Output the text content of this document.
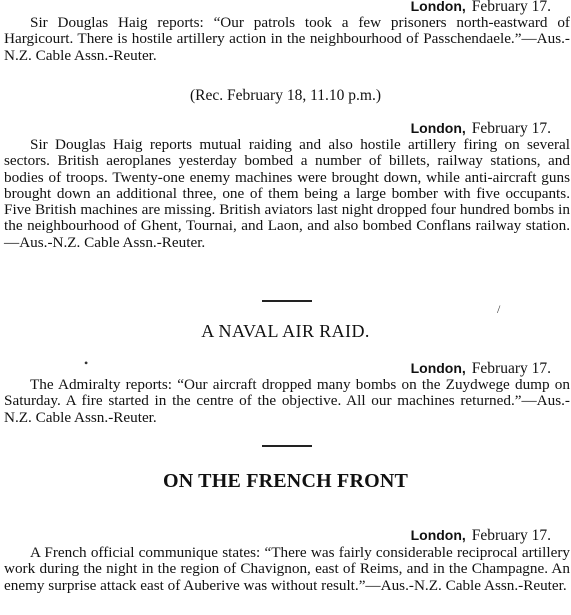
London, February 17.

Sir Douglas Haig reports: “Our patrols took a few prisoners north-eastward of Hargicourt. There is hostile artillery action in the neighbourhood of Passchendaele.”—Aus.-N.Z. Cable Assn.-Reuter.

(Rec. February 18, 11.10 p.m.)
London, February 17.

Sir Douglas Haig reports mutual raiding and also hostile artillery firing on several sectors. British aeroplanes yesterday bombed a number of billets, railway stations, and bodies of troops. Twenty-one enemy machines were brought down, while anti-aircraft guns brought down an additional three, one of them being a large bomber with five occupants. Five British machines are missing. British aviators last night dropped four hundred bombs in the neighbourhood of Ghent, Tournai, and Laon, and also bombed Conflans railway station.—Aus.-N.Z. Cable Assn.-Reuter.

/
A NAVAL AIR RAID.
•	London, February 17.

The Admiralty reports: “Our aircraft dropped many bombs on the Zuydwege dump on Saturday. A fire started in the centre of the objective. All our machines returned.”—Aus.-N.Z. Cable Assn.-Reuter.

ON THE FRENCH FRONT
London, February 17.

A French official communique states: “There was fairly considerable reciprocal artillery work during the night in the region of Chavignon, east of Reims, and in the Champagne. An enemy surprise attack east of Auberive was without result.”—Aus.-N.Z. Cable Assn.-Reuter.
